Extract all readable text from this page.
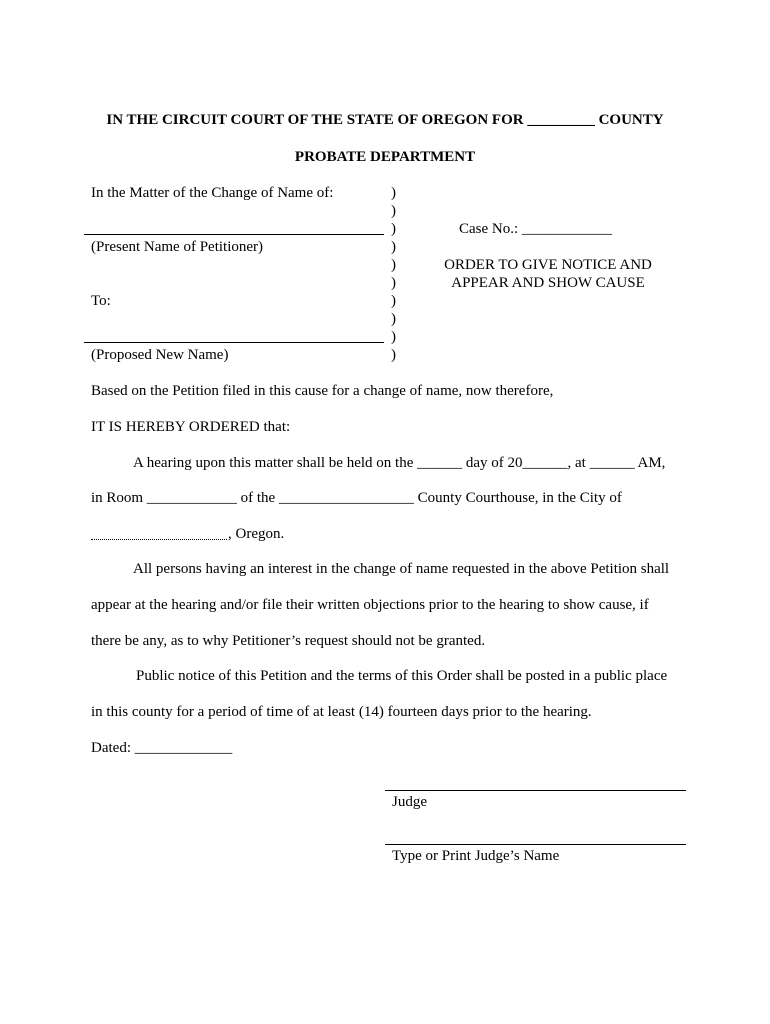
IN THE CIRCUIT COURT OF THE STATE OF OREGON FOR _________ COUNTY
PROBATE DEPARTMENT
In the Matter of the Change of Name of:
(Present Name of Petitioner)
To:
(Proposed New Name)
)
)
)
)
)
)
)
)
)
)
Case No.: ____________
ORDER TO GIVE NOTICE AND
APPEAR AND SHOW CAUSE
Based on the Petition filed in this cause for a change of name, now therefore,
IT IS HEREBY ORDERED that:
A hearing upon this matter shall be held on the ______ day of 20______, at ______ AM,
in Room ____________ of the __________________ County Courthouse, in the City of
, Oregon.
All persons having an interest in the change of name requested in the above Petition shall
appear at the hearing and/or file their written objections prior to the hearing to show cause, if
there be any, as to why Petitioner’s request should not be granted.
Public notice of this Petition and the terms of this Order shall be posted in a public place
in this county for a period of time of at least (14) fourteen days prior to the hearing.
Dated: _____________
Judge
Type or Print Judge’s Name
